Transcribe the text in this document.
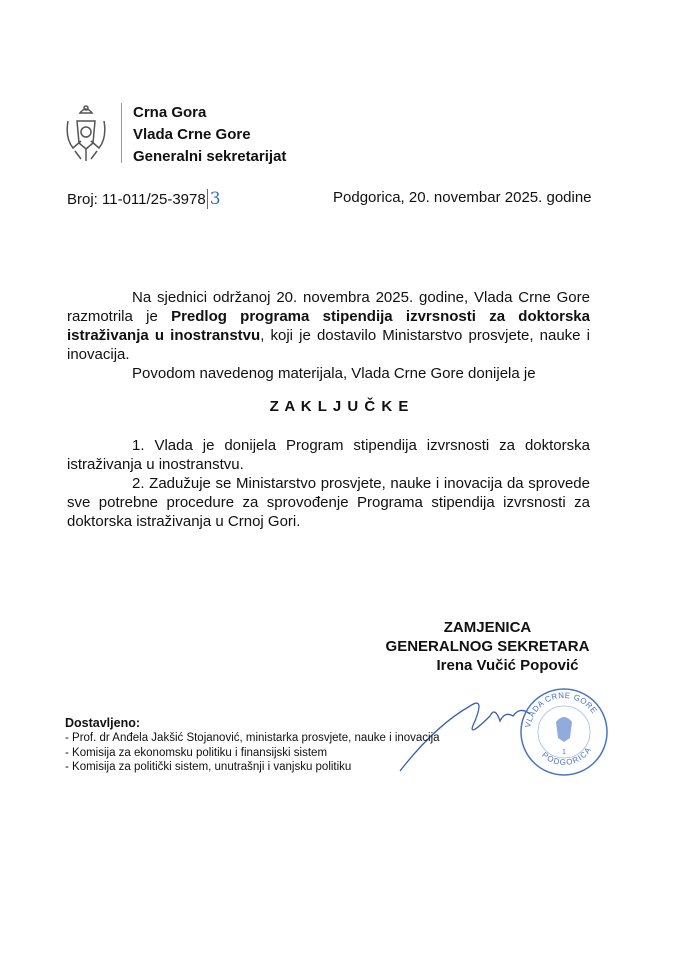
Crna Gora
Vlada Crne Gore
Generalni sekretarijat
Broj: 11-011/25-3978 3	Podgorica, 20. novembar 2025. godine

Na sjednici održanoj 20. novembra 2025. godine, Vlada Crne Gore razmotrila je Predlog programa stipendija izvrsnosti za doktorska istraživanja u inostranstvu, koji je dostavilo Ministarstvo prosvjete, nauke i inovacija.

Povodom navedenog materijala, Vlada Crne Gore donijela je

Z A K L J U Č K E

1. Vlada je donijela Program stipendija izvrsnosti za doktorska istraživanja u inostranstvu.

2. Zadužuje se Ministarstvo prosvjete, nauke i inovacija da sprovede sve potrebne procedure za sprovođenje Programa stipendija izvrsnosti za doktorska istraživanja u Crnoj Gori.

ZAMJENICA
GENERALNOG SEKRETARA
Irena Vučić Popović
VLADA CRNE GORE
PODGORICA
1
Dostavljeno:
- Prof. dr Anđela Jakšić Stojanović, ministarka prosvjete, nauke i inovacija
- Komisija za ekonomsku politiku i finansijski sistem
- Komisija za politički sistem, unutrašnji i vanjsku politiku
